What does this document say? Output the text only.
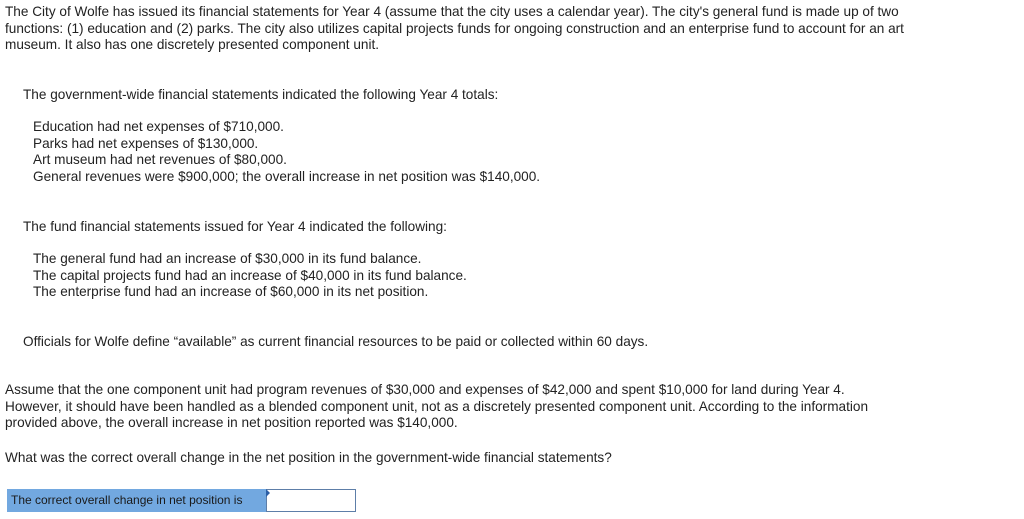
The City of Wolfe has issued its financial statements for Year 4 (assume that the city uses a calendar year). The city's general fund is made up of two functions: (1) education and (2) parks. The city also utilizes capital projects funds for ongoing construction and an enterprise fund to account for an art museum. It also has one discretely presented component unit.

The government-wide financial statements indicated the following Year 4 totals:

Education had net expenses of $710,000.

Parks had net expenses of $130,000.

Art museum had net revenues of $80,000.

General revenues were $900,000; the overall increase in net position was $140,000.

The fund financial statements issued for Year 4 indicated the following:

The general fund had an increase of $30,000 in its fund balance.

The capital projects fund had an increase of $40,000 in its fund balance.

The enterprise fund had an increase of $60,000 in its net position.

Officials for Wolfe define “available” as current financial resources to be paid or collected within 60 days.

Assume that the one component unit had program revenues of $30,000 and expenses of $42,000 and spent $10,000 for land during Year 4. However, it should have been handled as a blended component unit, not as a discretely presented component unit. According to the information provided above, the overall increase in net position reported was $140,000.

What was the correct overall change in the net position in the government-wide financial statements?

The correct overall change in net position is
